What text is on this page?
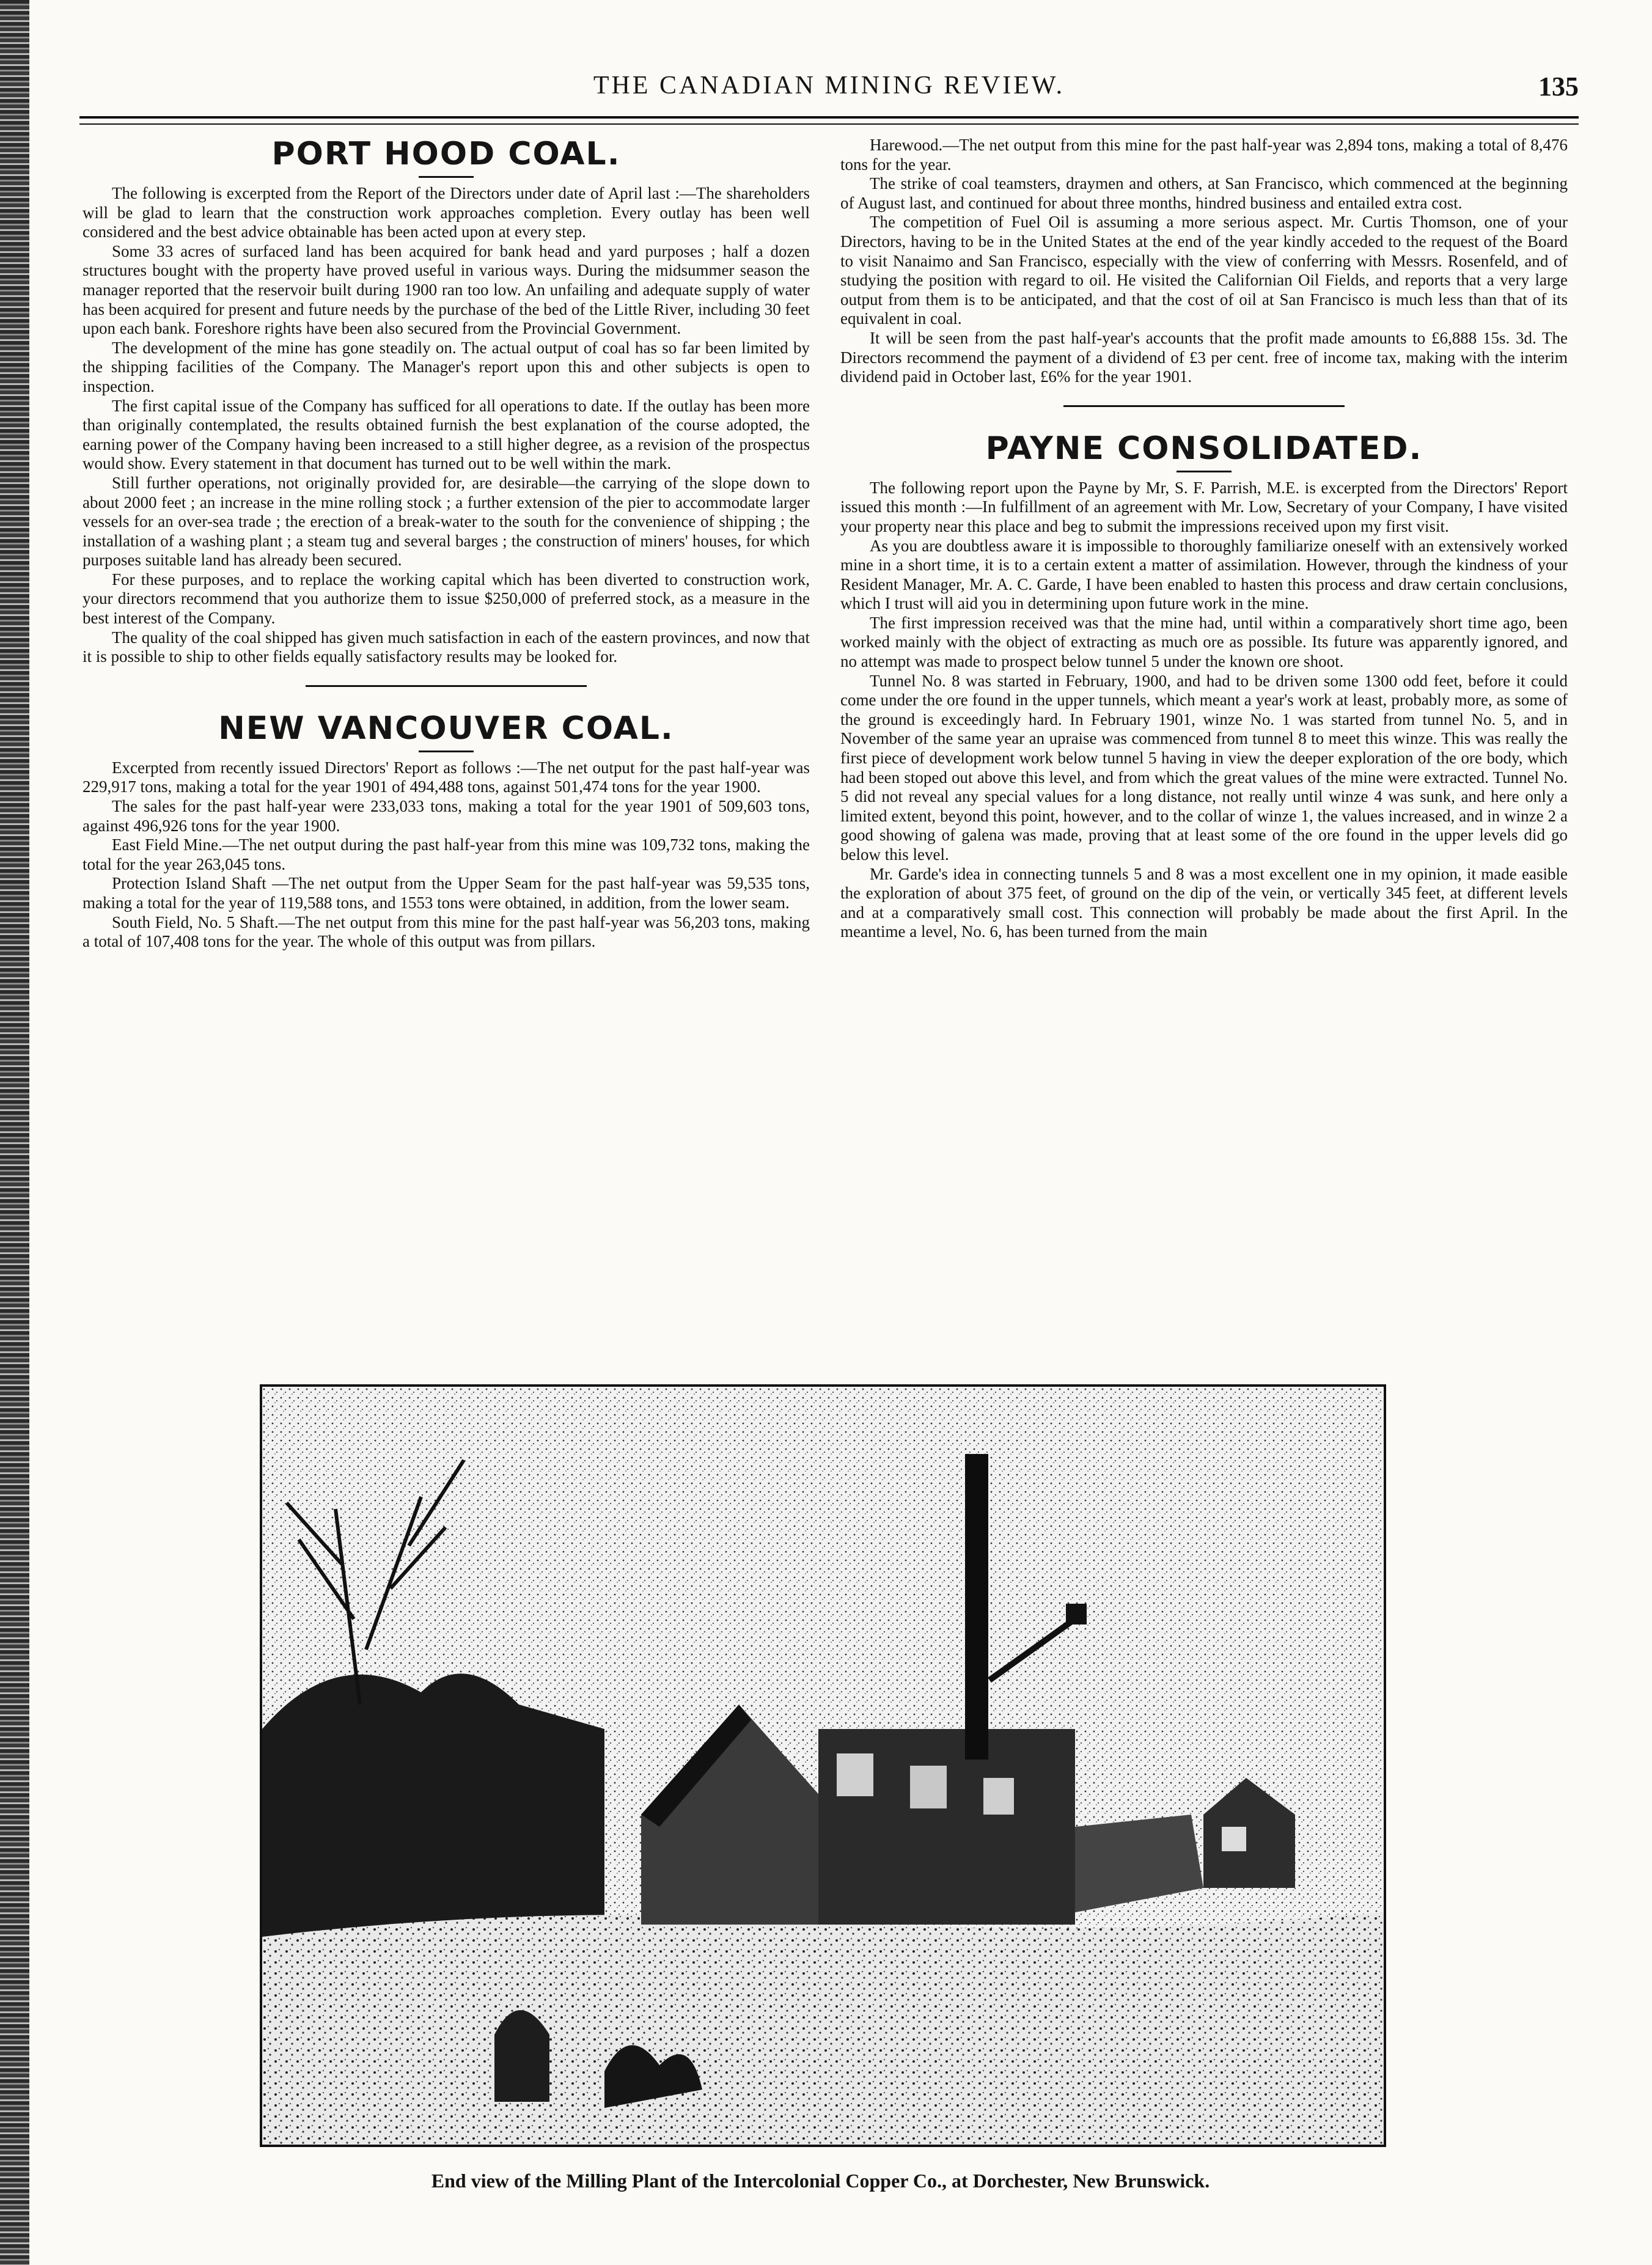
THE CANADIAN MINING REVIEW.	135
PORT HOOD COAL.

The following is excerpted from the Report of the Directors under date of April last :—The shareholders will be glad to learn that the construction work approaches completion. Every outlay has been well considered and the best advice obtainable has been acted upon at every step.

Some 33 acres of surfaced land has been acquired for bank head and yard purposes ; half a dozen structures bought with the property have proved useful in various ways. During the midsummer season the manager reported that the reservoir built during 1900 ran too low. An unfailing and adequate supply of water has been acquired for present and future needs by the purchase of the bed of the Little River, including 30 feet upon each bank. Foreshore rights have been also secured from the Provincial Government.

The development of the mine has gone steadily on. The actual output of coal has so far been limited by the shipping facilities of the Company. The Manager's report upon this and other subjects is open to inspection.

The first capital issue of the Company has sufficed for all operations to date. If the outlay has been more than originally contemplated, the results obtained furnish the best explanation of the course adopted, the earning power of the Company having been increased to a still higher degree, as a revision of the prospectus would show. Every statement in that document has turned out to be well within the mark.

Still further operations, not originally provided for, are desirable—the carrying of the slope down to about 2000 feet ; an increase in the mine rolling stock ; a further extension of the pier to accommodate larger vessels for an over-sea trade ; the erection of a break-water to the south for the convenience of shipping ; the installation of a washing plant ; a steam tug and several barges ; the construction of miners' houses, for which purposes suitable land has already been secured.

For these purposes, and to replace the working capital which has been diverted to construction work, your directors recommend that you authorize them to issue $250,000 of preferred stock, as a measure in the best interest of the Company.

The quality of the coal shipped has given much satisfaction in each of the eastern provinces, and now that it is possible to ship to other fields equally satisfactory results may be looked for.

NEW VANCOUVER COAL.

Excerpted from recently issued Directors' Report as follows :—The net output for the past half-year was 229,917 tons, making a total for the year 1901 of 494,488 tons, against 501,474 tons for the year 1900.

The sales for the past half-year were 233,033 tons, making a total for the year 1901 of 509,603 tons, against 496,926 tons for the year 1900.

East Field Mine.—The net output during the past half-year from this mine was 109,732 tons, making the total for the year 263,045 tons.

Protection Island Shaft —The net output from the Upper Seam for the past half-year was 59,535 tons, making a total for the year of 119,588 tons, and 1553 tons were obtained, in addition, from the lower seam.

South Field, No. 5 Shaft.—The net output from this mine for the past half-year was 56,203 tons, making a total of 107,408 tons for the year. The whole of this output was from pillars.

Harewood.—The net output from this mine for the past half-year was 2,894 tons, making a total of 8,476 tons for the year.

The strike of coal teamsters, draymen and others, at San Francisco, which commenced at the beginning of August last, and continued for about three months, hindred business and entailed extra cost.

The competition of Fuel Oil is assuming a more serious aspect. Mr. Curtis Thomson, one of your Directors, having to be in the United States at the end of the year kindly acceded to the request of the Board to visit Nanaimo and San Francisco, especially with the view of conferring with Messrs. Rosenfeld, and of studying the position with regard to oil. He visited the Californian Oil Fields, and reports that a very large output from them is to be anticipated, and that the cost of oil at San Francisco is much less than that of its equivalent in coal.

It will be seen from the past half-year's accounts that the profit made amounts to £6,888 15s. 3d. The Directors recommend the payment of a dividend of £3 per cent. free of income tax, making with the interim dividend paid in October last, £6% for the year 1901.

PAYNE CONSOLIDATED.

The following report upon the Payne by Mr, S. F. Parrish, M.E. is excerpted from the Directors' Report issued this month :—In fulfillment of an agreement with Mr. Low, Secretary of your Company, I have visited your property near this place and beg to submit the impressions received upon my first visit.

As you are doubtless aware it is impossible to thoroughly familiarize oneself with an extensively worked mine in a short time, it is to a certain extent a matter of assimilation. However, through the kindness of your Resident Manager, Mr. A. C. Garde, I have been enabled to hasten this process and draw certain conclusions, which I trust will aid you in determining upon future work in the mine.

The first impression received was that the mine had, until within a comparatively short time ago, been worked mainly with the object of extracting as much ore as possible. Its future was apparently ignored, and no attempt was made to prospect below tunnel 5 under the known ore shoot.

Tunnel No. 8 was started in February, 1900, and had to be driven some 1300 odd feet, before it could come under the ore found in the upper tunnels, which meant a year's work at least, probably more, as some of the ground is exceedingly hard. In February 1901, winze No. 1 was started from tunnel No. 5, and in November of the same year an upraise was commenced from tunnel 8 to meet this winze. This was really the first piece of development work below tunnel 5 having in view the deeper exploration of the ore body, which had been stoped out above this level, and from which the great values of the mine were extracted. Tunnel No. 5 did not reveal any special values for a long distance, not really until winze 4 was sunk, and here only a limited extent, beyond this point, however, and to the collar of winze 1, the values increased, and in winze 2 a good showing of galena was made, proving that at least some of the ore found in the upper levels did go below this level.

Mr. Garde's idea in connecting tunnels 5 and 8 was a most excellent one in my opinion, it made easible the exploration of about 375 feet, of ground on the dip of the vein, or vertically 345 feet, at different levels and at a comparatively small cost. This connection will probably be made about the first April. In the meantime a level, No. 6, has been turned from the main

End view of the Milling Plant of the Intercolonial Copper Co., at Dorchester, New Brunswick.
